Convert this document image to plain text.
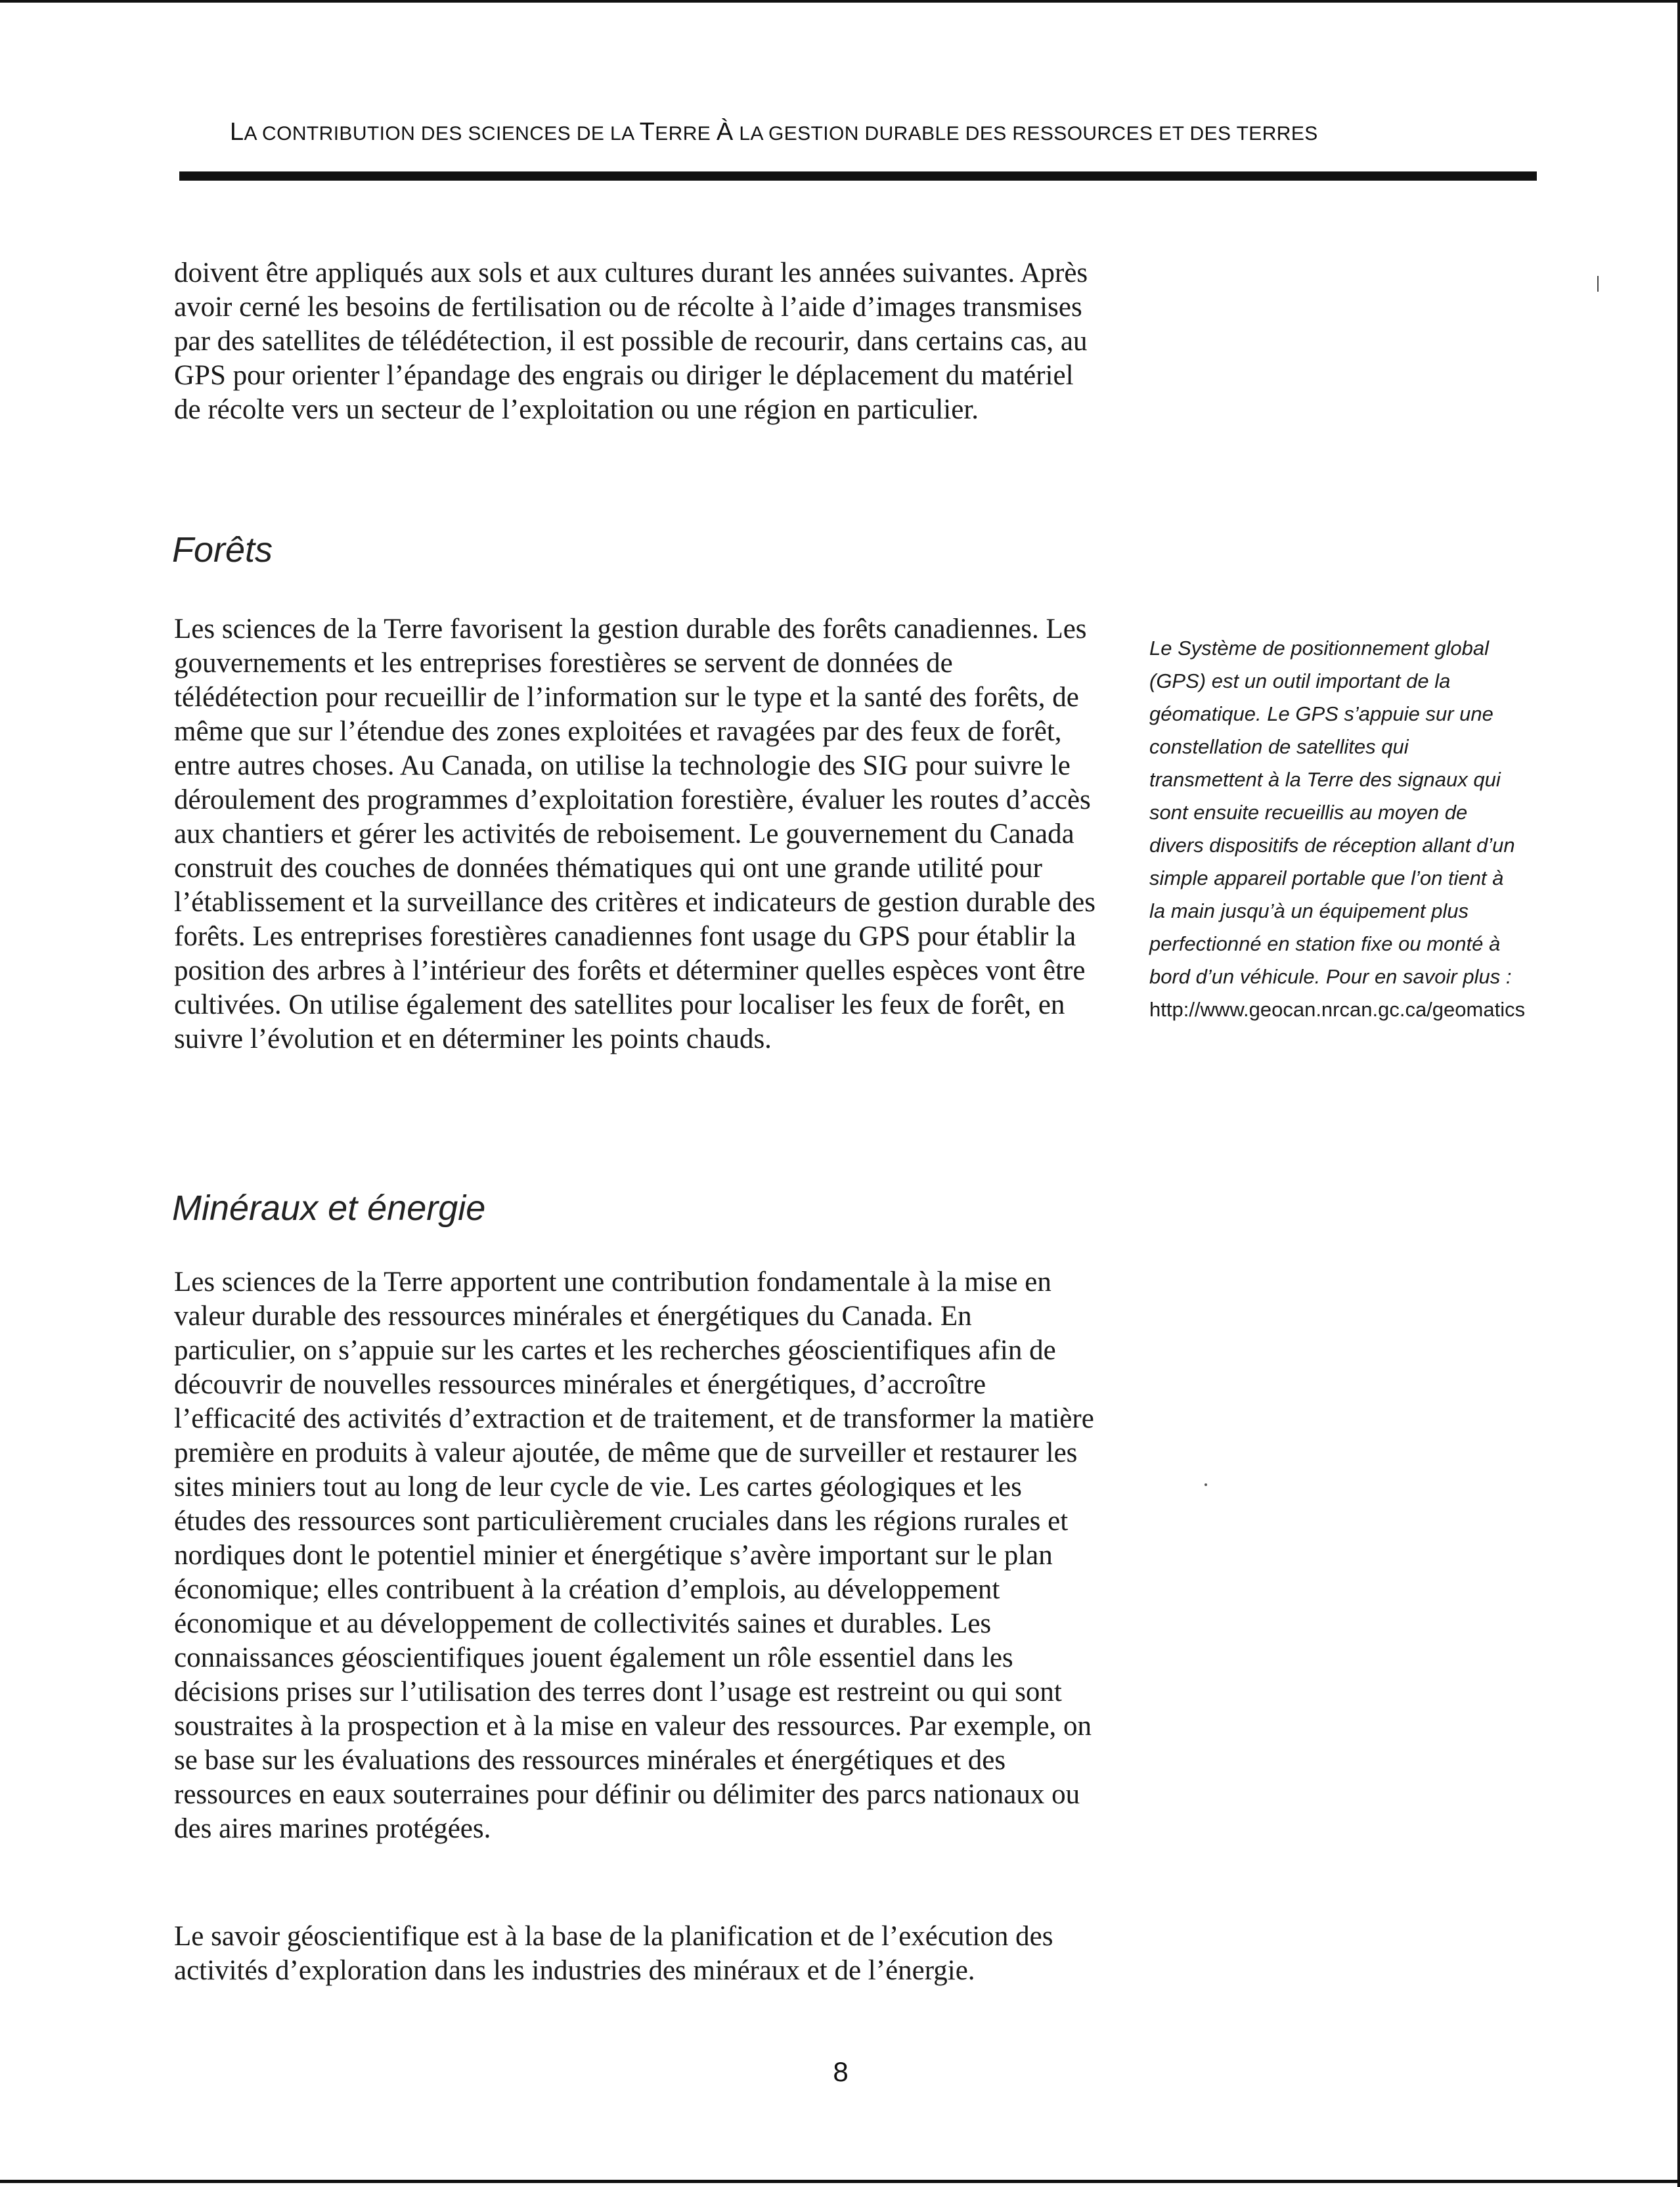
LA CONTRIBUTION DES SCIENCES DE LA TERRE À LA GESTION DURABLE DES RESSOURCES ET DES TERRES

doivent être appliqués aux sols et aux cultures durant les années suivantes. Après avoir cerné les besoins de fertilisation ou de récolte à l’aide d’images transmises par des satellites de télédétection, il est possible de recourir, dans certains cas, au GPS pour orienter l’épandage des engrais ou diriger le déplacement du matériel de récolte vers un secteur de l’exploitation ou une région en particulier.

Forêts

Les sciences de la Terre favorisent la gestion durable des forêts canadiennes. Les gouvernements et les entreprises forestières se servent de données de télédétection pour recueillir de l’information sur le type et la santé des forêts, de même que sur l’étendue des zones exploitées et ravagées par des feux de forêt, entre autres choses. Au Canada, on utilise la technologie des SIG pour suivre le déroulement des programmes d’exploitation forestière, évaluer les routes d’accès aux chantiers et gérer les activités de reboisement. Le gouvernement du Canada construit des couches de données thématiques qui ont une grande utilité pour l’établissement et la surveillance des critères et indicateurs de gestion durable des forêts. Les entreprises forestières canadiennes font usage du GPS pour établir la position des arbres à l’intérieur des forêts et déterminer quelles espèces vont être cultivées. On utilise également des satellites pour localiser les feux de forêt, en suivre l’évolution et en déterminer les points chauds.

Le Système de positionnement global (GPS) est un outil important de la géomatique. Le GPS s’appuie sur une constellation de satellites qui transmettent à la Terre des signaux qui sont ensuite recueillis au moyen de divers dispositifs de réception allant d’un simple appareil portable que l’on tient à la main jusqu’à un équipement plus perfectionné en station fixe ou monté à bord d’un véhicule. Pour en savoir plus : http://www.geocan.nrcan.gc.ca/geomatics
Minéraux et énergie

Les sciences de la Terre apportent une contribution fondamentale à la mise en valeur durable des ressources minérales et énergétiques du Canada. En particulier, on s’appuie sur les cartes et les recherches géoscientifiques afin de découvrir de nouvelles ressources minérales et énergétiques, d’accroître l’efficacité des activités d’extraction et de traitement, et de transformer la matière première en produits à valeur ajoutée, de même que de surveiller et restaurer les sites miniers tout au long de leur cycle de vie. Les cartes géologiques et les études des ressources sont particulièrement cruciales dans les régions rurales et nordiques dont le potentiel minier et énergétique s’avère important sur le plan économique; elles contribuent à la création d’emplois, au développement économique et au développement de collectivités saines et durables. Les connaissances géoscientifiques jouent également un rôle essentiel dans les décisions prises sur l’utilisation des terres dont l’usage est restreint ou qui sont soustraites à la prospection et à la mise en valeur des ressources. Par exemple, on se base sur les évaluations des ressources minérales et énergétiques et des ressources en eaux souterraines pour définir ou délimiter des parcs nationaux ou des aires marines protégées.

Le savoir géoscientifique est à la base de la planification et de l’exécution des activités d’exploration dans les industries des minéraux et de l’énergie.

8
